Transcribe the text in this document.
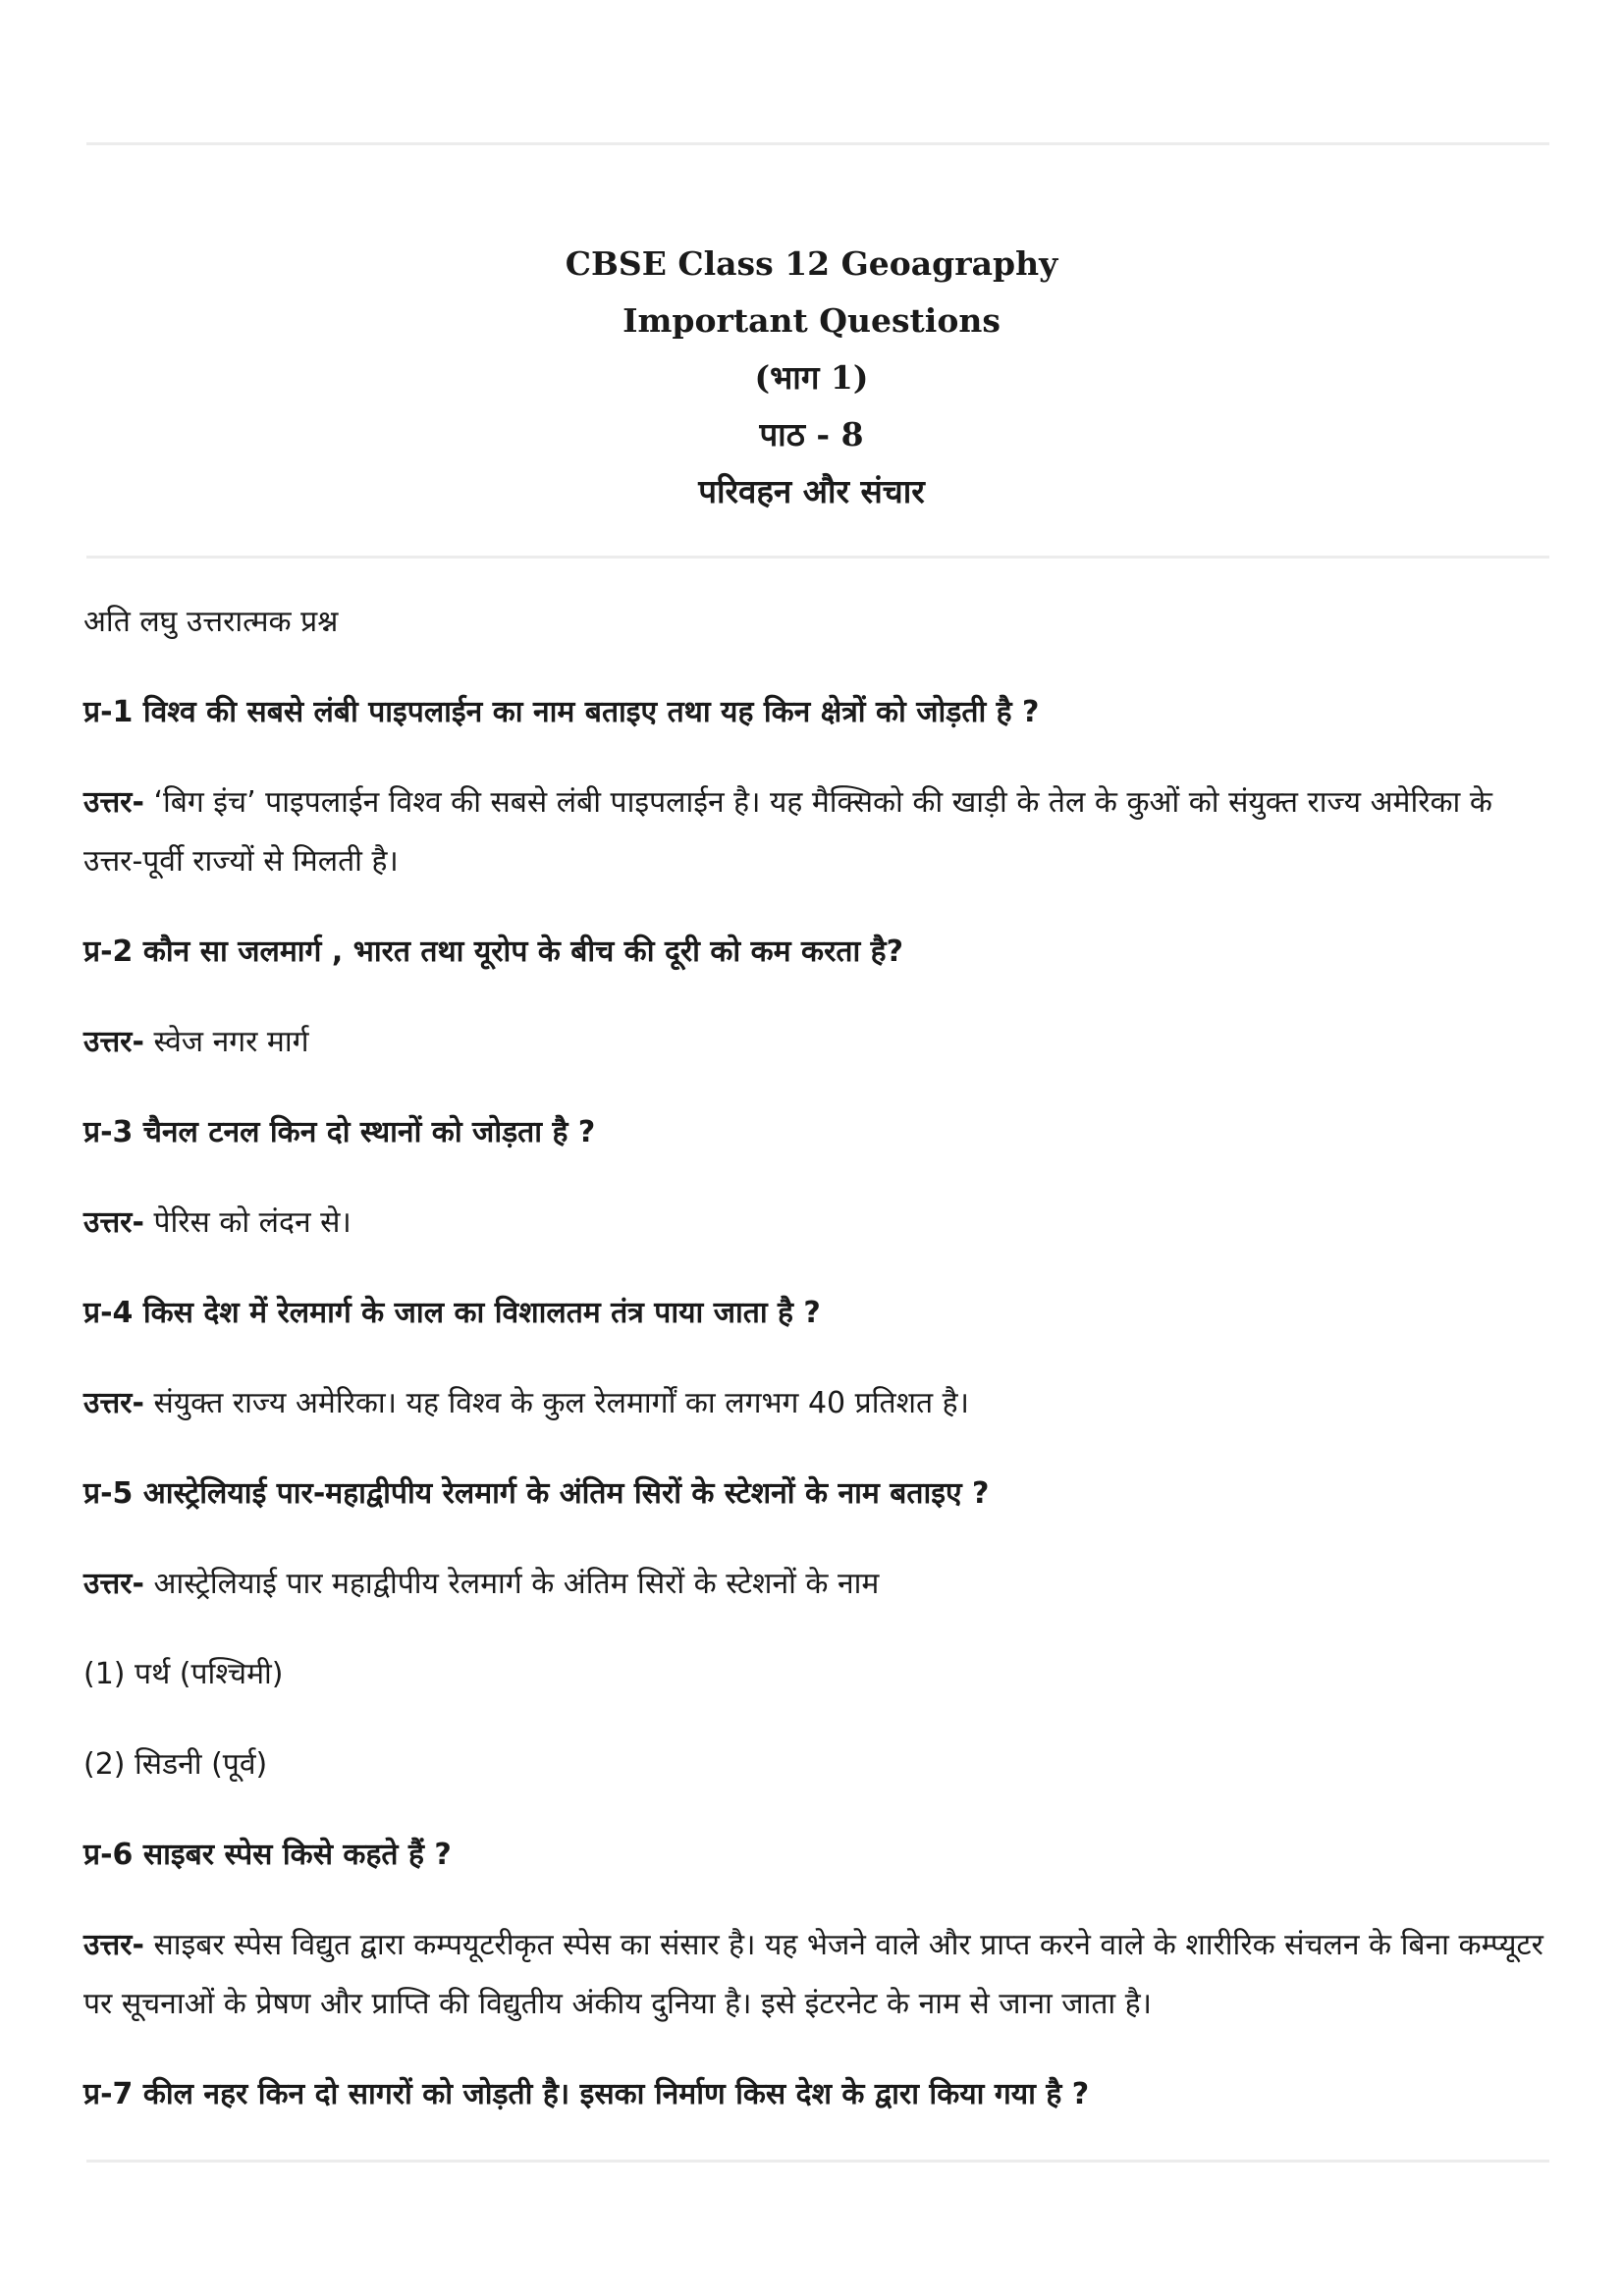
CBSE Class 12 Geoagraphy
Important Questions
(भाग 1)
पाठ - 8
परिवहन और संचार
अति लघु उत्तरात्मक प्रश्न
प्र-1 विश्व की सबसे लंबी पाइपलाईन का नाम बताइए तथा यह किन क्षेत्रों को जोड़ती है ?
उत्तर- ‘बिग इंच’ पाइपलाईन विश्व की सबसे लंबी पाइपलाईन है। यह मैक्सिको की खाड़ी के तेल के कुओं को संयुक्त राज्य अमेरिका के उत्तर-पूर्वी राज्यों से मिलती है।
प्र-2 कौन सा जलमार्ग , भारत तथा यूरोप के बीच की दूरी को कम करता है?
उत्तर- स्वेज नगर मार्ग
प्र-3 चैनल टनल किन दो स्थानों को जोड़ता है ?
उत्तर- पेरिस को लंदन से।
प्र-4 किस देश में रेलमार्ग के जाल का विशालतम तंत्र पाया जाता है ?
उत्तर- संयुक्त राज्य अमेरिका। यह विश्व के कुल रेलमार्गों का लगभग 40 प्रतिशत है।
प्र-5 आस्ट्रेलियाई पार-महाद्वीपीय रेलमार्ग के अंतिम सिरों के स्टेशनों के नाम बताइए ?
उत्तर- आस्ट्रेलियाई पार महाद्वीपीय रेलमार्ग के अंतिम सिरों के स्टेशनों के नाम
(1) पर्थ (पश्चिमी)
(2) सिडनी (पूर्व)
प्र-6 साइबर स्पेस किसे कहते हैं ?
उत्तर- साइबर स्पेस विद्युत द्वारा कम्पयूटरीकृत स्पेस का संसार है। यह भेजने वाले और प्राप्त करने वाले के शारीरिक संचलन के बिना कम्प्यूटर पर सूचनाओं के प्रेषण और प्राप्ति की विद्युतीय अंकीय दुनिया है। इसे इंटरनेट के नाम से जाना जाता है।
प्र-7 कील नहर किन दो सागरों को जोड़ती है। इसका निर्माण किस देश के द्वारा किया गया है ?
